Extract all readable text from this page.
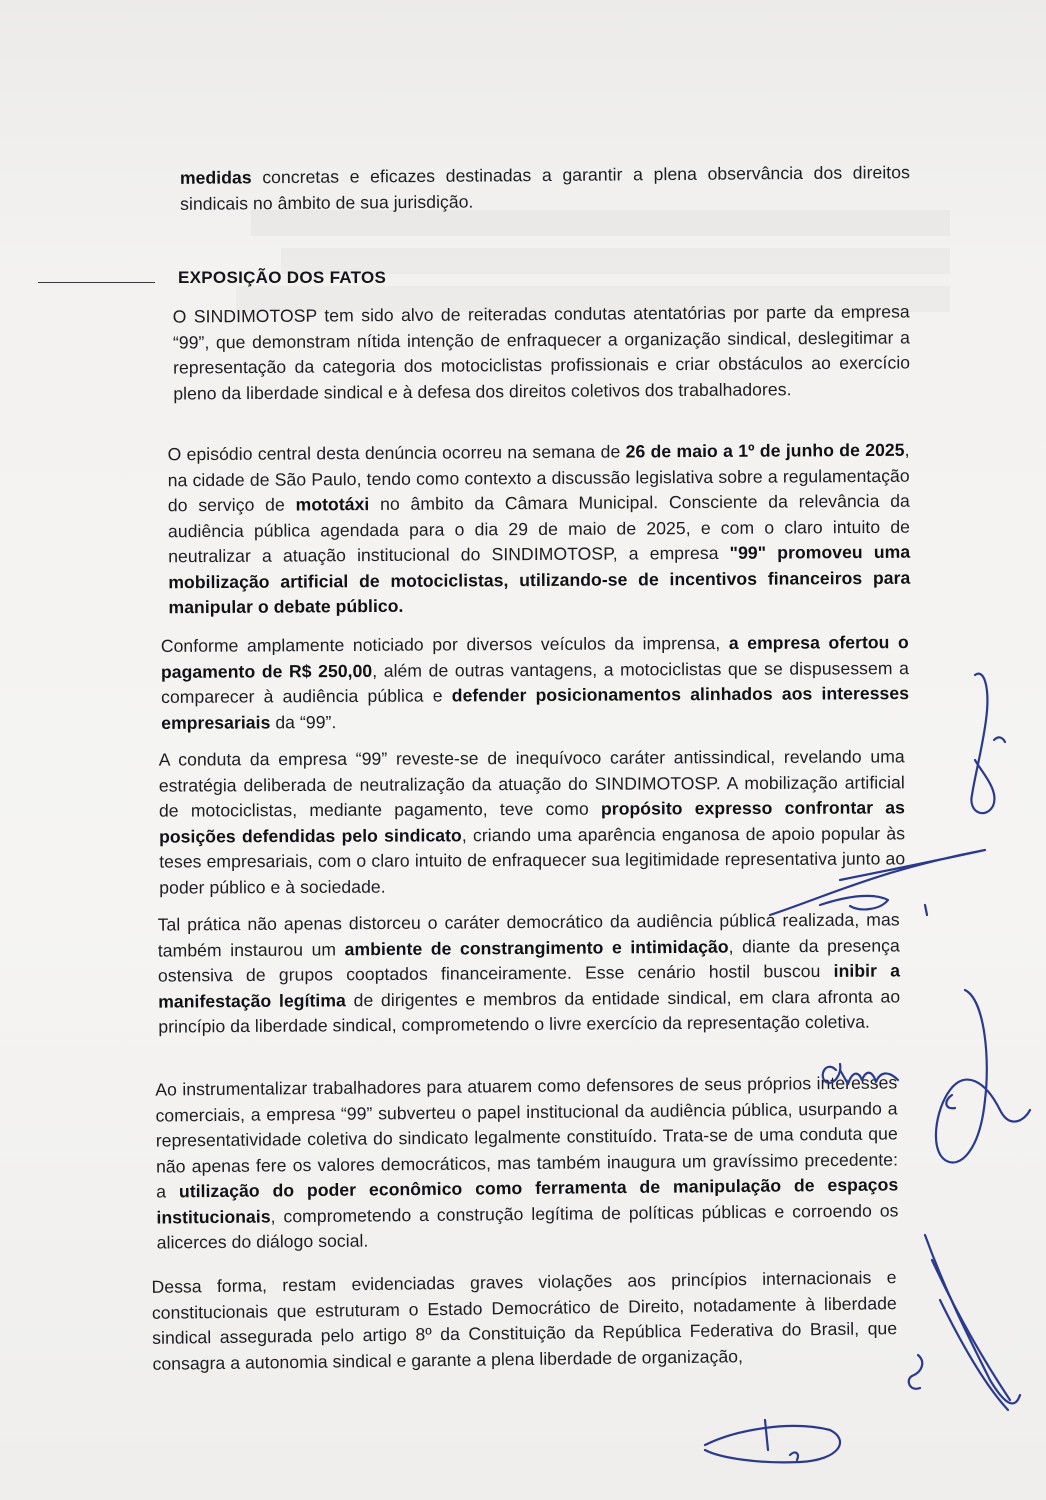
medidas concretas e eficazes destinadas a garantir a plena observância dos direitos sindicais no âmbito de sua jurisdição.

EXPOSIÇÃO DOS FATOS

O SINDIMOTOSP tem sido alvo de reiteradas condutas atentatórias por parte da empresa “99”, que demonstram nítida intenção de enfraquecer a organização sindical, deslegitimar a representação da categoria dos motociclistas profissionais e criar obstáculos ao exercício pleno da liberdade sindical e à defesa dos direitos coletivos dos trabalhadores.

O episódio central desta denúncia ocorreu na semana de 26 de maio a 1º de junho de 2025, na cidade de São Paulo, tendo como contexto a discussão legislativa sobre a regulamentação do serviço de mototáxi no âmbito da Câmara Municipal. Consciente da relevância da audiência pública agendada para o dia 29 de maio de 2025, e com o claro intuito de neutralizar a atuação institucional do SINDIMOTOSP, a empresa "99" promoveu uma mobilização artificial de motociclistas, utilizando-se de incentivos financeiros para manipular o debate público.

Conforme amplamente noticiado por diversos veículos da imprensa, a empresa ofertou o pagamento de R$ 250,00, além de outras vantagens, a motociclistas que se dispusessem a comparecer à audiência pública e defender posicionamentos alinhados aos interesses empresariais da “99”.

A conduta da empresa “99” reveste-se de inequívoco caráter antissindical, revelando uma estratégia deliberada de neutralização da atuação do SINDIMOTOSP. A mobilização artificial de motociclistas, mediante pagamento, teve como propósito expresso confrontar as posições defendidas pelo sindicato, criando uma aparência enganosa de apoio popular às teses empresariais, com o claro intuito de enfraquecer sua legitimidade representativa junto ao poder público e à sociedade.

Tal prática não apenas distorceu o caráter democrático da audiência pública realizada, mas também instaurou um ambiente de constrangimento e intimidação, diante da presença ostensiva de grupos cooptados financeiramente. Esse cenário hostil buscou inibir a manifestação legítima de dirigentes e membros da entidade sindical, em clara afronta ao princípio da liberdade sindical, comprometendo o livre exercício da representação coletiva.

Ao instrumentalizar trabalhadores para atuarem como defensores de seus próprios interesses comerciais, a empresa “99” subverteu o papel institucional da audiência pública, usurpando a representatividade coletiva do sindicato legalmente constituído. Trata-se de uma conduta que não apenas fere os valores democráticos, mas também inaugura um gravíssimo precedente: a utilização do poder econômico como ferramenta de manipulação de espaços institucionais, comprometendo a construção legítima de políticas públicas e corroendo os alicerces do diálogo social.

Dessa forma, restam evidenciadas graves violações aos princípios internacionais e constitucionais que estruturam o Estado Democrático de Direito, notadamente à liberdade sindical assegurada pelo artigo 8º da Constituição da República Federativa do Brasil, que consagra a autonomia sindical e garante a plena liberdade de organização,
